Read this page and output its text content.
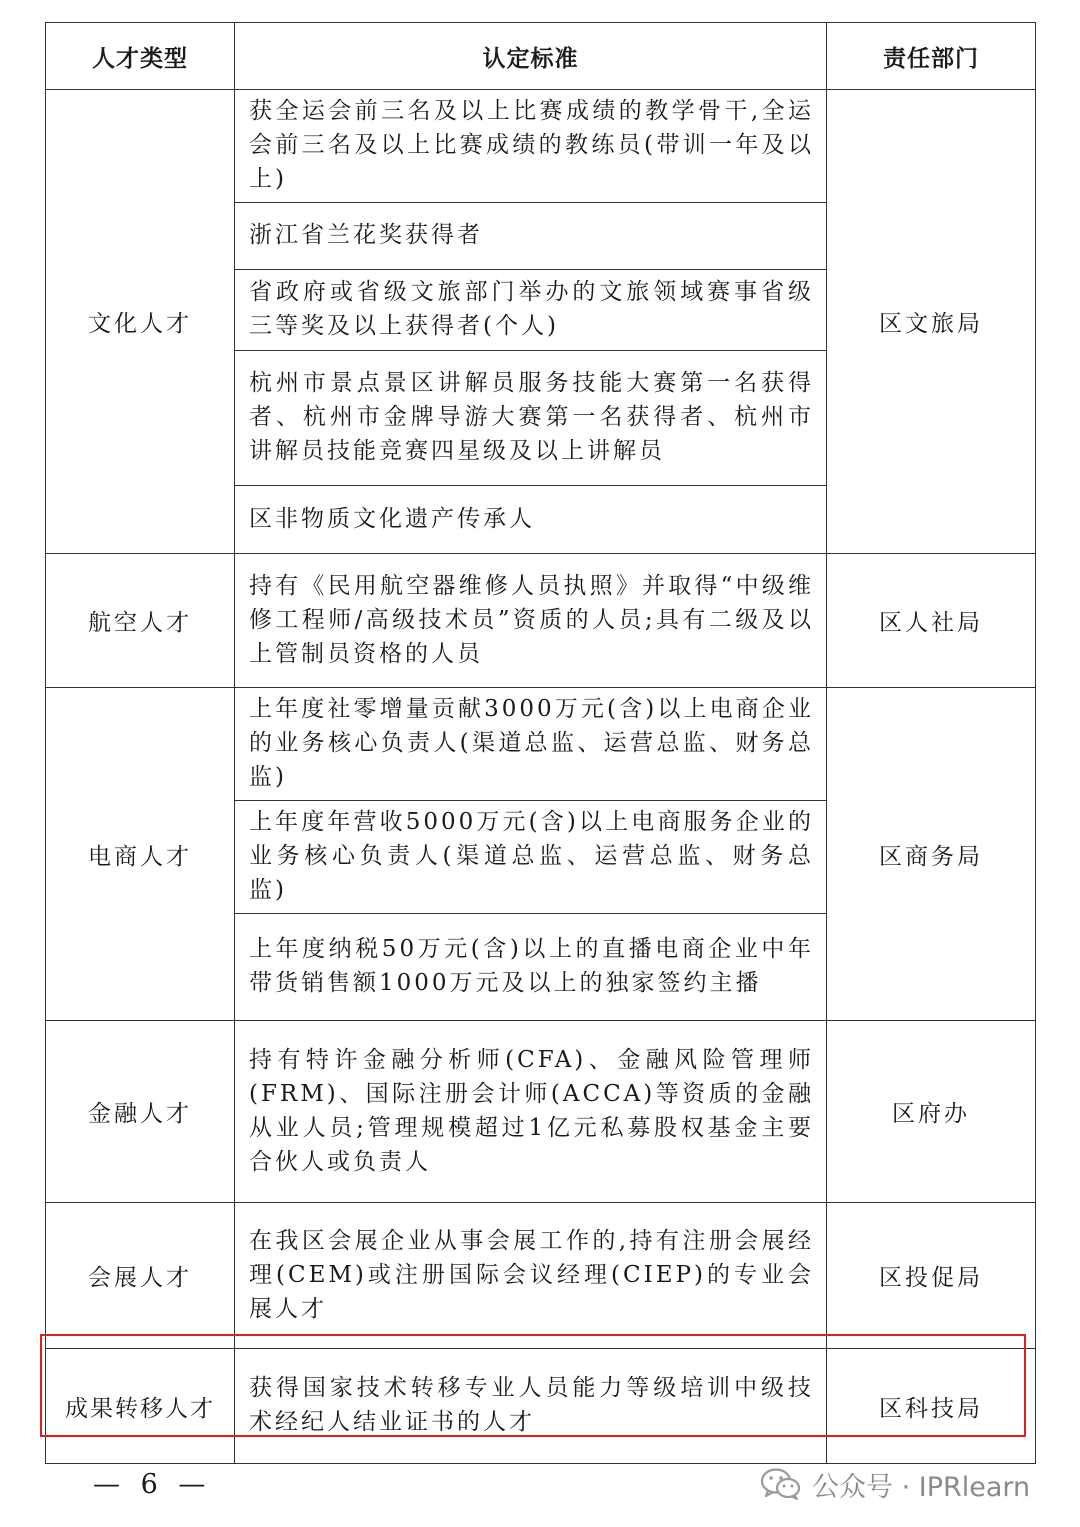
人才类型	认定标准	责任部门
文化人才	获全运会前三名及以上比赛成绩的教学骨干,全运会前三名及以上比赛成绩的教练员(带训一年及以上)	区文旅局
	浙江省兰花奖获得者	
	省政府或省级文旅部门举办的文旅领域赛事省级三等奖及以上获得者(个人)	
	杭州市景点景区讲解员服务技能大赛第一名获得者、杭州市金牌导游大赛第一名获得者、杭州市讲解员技能竞赛四星级及以上讲解员	
	区非物质文化遗产传承人	
航空人才	持有《民用航空器维修人员执照》并取得“中级维修工程师/高级技术员”资质的人员;具有二级及以上管制员资格的人员	区人社局
电商人才	上年度社零增量贡献3000万元(含)以上电商企业的业务核心负责人(渠道总监、运营总监、财务总监)	区商务局
	上年度年营收5000万元(含)以上电商服务企业的业务核心负责人(渠道总监、运营总监、财务总监)	
	上年度纳税50万元(含)以上的直播电商企业中年带货销售额1000万元及以上的独家签约主播	
金融人才	持有特许金融分析师(CFA)、金融风险管理师(FRM)、国际注册会计师(ACCA)等资质的金融从业人员;管理规模超过1亿元私募股权基金主要合伙人或负责人	区府办
会展人才	在我区会展企业从事会展工作的,持有注册会展经理(CEM)或注册国际会议经理(CIEP)的专业会展人才	区投促局
成果转移人才	获得国家技术转移专业人员能力等级培训中级技术经纪人结业证书的人才	区科技局
— 6 —	公众号 · IPRlearn
